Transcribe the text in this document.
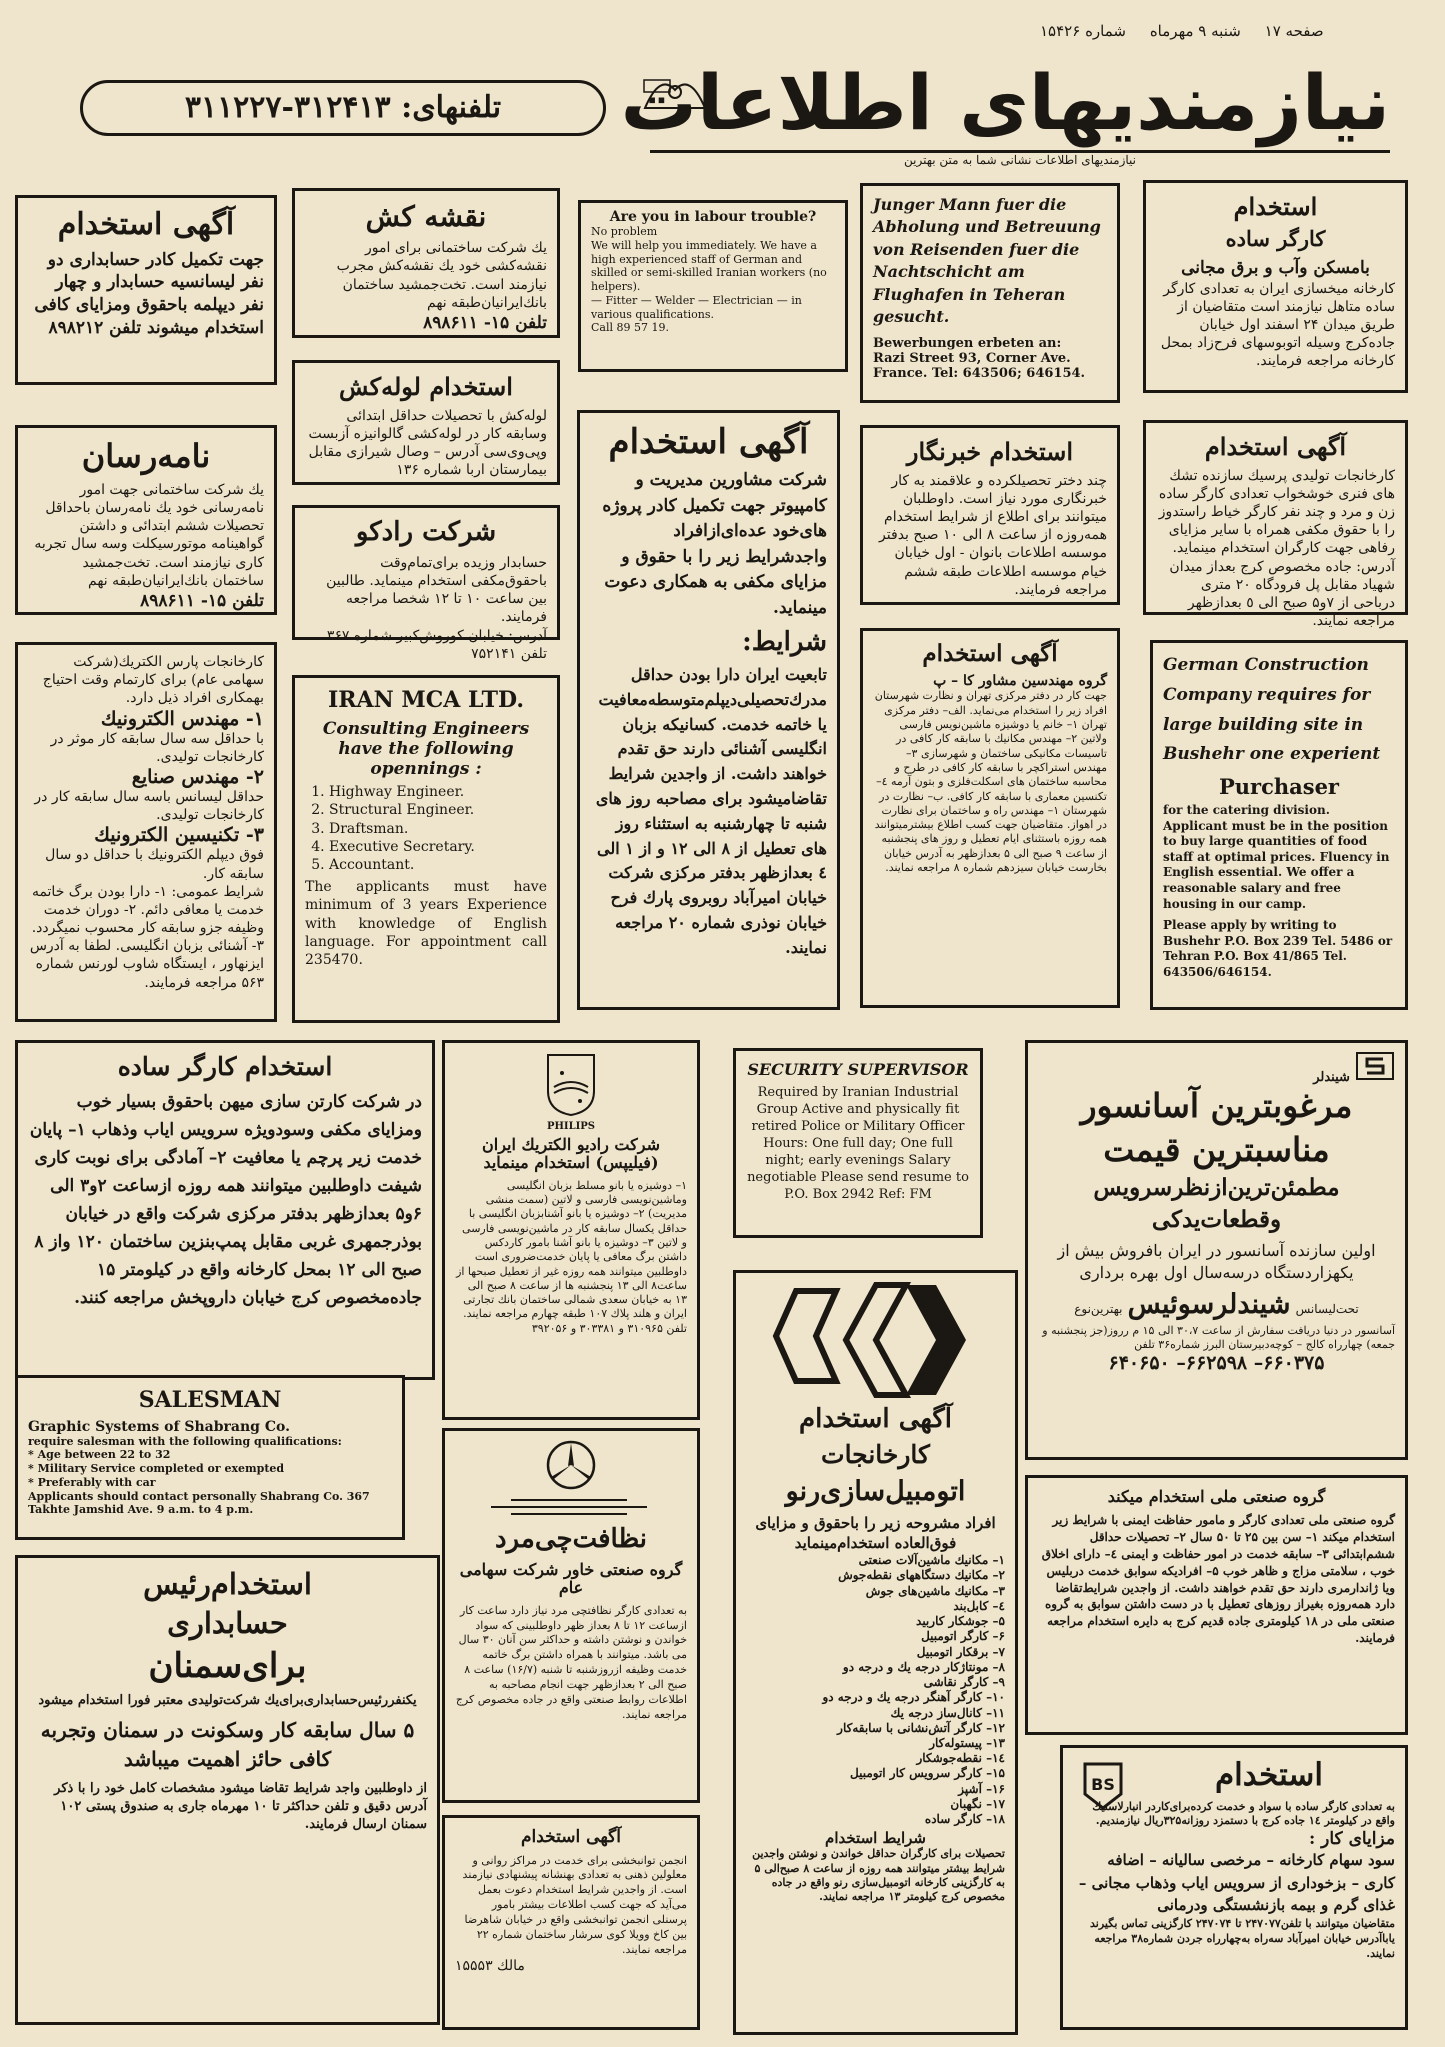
صفحه ۱۷     شنبه ۹ مهرماه     شماره ۱۵۴۲۶
نیازمندیهای اطلاعات
نیازمندیهای اطلاعات نشانی شما به متن بهترین
تلفنهای: ۳۱۲۴۱۳-۳۱۱۲۲۷
آگهی استخدام
جهت تکمیل کادر حسابداری دو نفر لیسانسیه حسابدار و چهار نفر دیپلمه باحقوق ومزایای کافی استخدام میشوند تلفن ۸۹۸۲۱۲
نقشه کش
یك شرکت ساختمانی برای امور نقشه‌کشی خود یك نقشه‌کش مجرب نیازمند است. تخت‌جمشید ساختمان بانك‌ایرانیان‌طبقه‌ نهم
تلفن ۱۵- ۸۹۸۶۱۱
Are you in labour trouble?
No problem
We will help you immediately. We have a high experienced staff of German and skilled or semi-skilled Iranian workers (no helpers).
— Fitter — Welder — Electrician — in various qualifications.
Call 89 57 19.
Junger Mann fuer die Abholung und Betreuung von Reisenden fuer die Nachtschicht am Flughafen in Teheran gesucht.
Bewerbungen erbeten an:
Razi Street 93, Corner Ave. France. Tel: 643506; 646154.
استخدام
کارگر ساده
بامسکن وآب و برق مجانی
کارخانه میخسازی ایران به تعدادی کارگر ساده متاهل نیازمند است متقاضیان از طریق میدان ۲۴ اسفند اول خیابان جاده‌کرج وسیله اتوبوسهای فرح‌زاد بمحل کارخانه مراجعه فرمایند.
استخدام لوله‌کش
لوله‌کش با تحصیلات حداقل ابتدائی وسابقه کار در لوله‌کشی گالوانیزه آزبست وپی‌وی‌سی آدرس – وصال شیرازی مقابل بیمارستان اربا شماره ۱۳۶
نامه‌رسان
یك شرکت ساختمانی جهت امور نامه‌رسانی خود یك نامه‌رسان باحداقل تحصیلات ششم ابتدائی و داشتن گواهینامه موتورسیکلت وسه سال تجربه کاری نیازمند است. تخت‌جمشید ساختمان بانك‌ایرانیان‌طبقه‌ نهم
تلفن ۱۵- ۸۹۸۶۱۱
شرکت رادکو
حسابدار وزیده برای‌تمام‌وقت باحقوق‌مکفی استخدام مینماید. طالبین بین ساعت ۱۰ تا ۱۲ شخصا مراجعه فرمایند.
آدرس: خیابان کوروش‌کبیر شماره ۳۶۷
تلفن ۷۵۲۱۴۱
آگهی استخدام
شرکت مشاورین مدیریت و کامپیوتر جهت تکمیل کادر پروژه های‌خود عده‌ای‌ازافراد واجدشرایط زیر را با حقوق و مزایای مکفی به همکاری دعوت مینماید.
شرایط:
تابعیت ایران دارا بودن حداقل مدرك‌تحصیلی‌دیپلم‌متوسطه‌معافیت یا خاتمه خدمت. کسانیکه بزبان انگلیسی آشنائی دارند حق تقدم خواهند داشت. از واجدین شرایط تقاضامیشود برای مصاحبه روز های شنبه تا چهارشنبه به استثناء روز های تعطیل از ۸ الی ۱۲ و از ۱ الی ٤ بعدازظهر بدفتر مرکزی شرکت خیابان امیرآباد روبروی پارك فرح خیابان نوذری شماره ۲۰ مراجعه نمایند.
استخدام خبرنگار
چند دختر تحصیلکرده و علاقمند به کار خبرنگاری مورد نیاز است. داوطلبان میتوانند برای اطلاع از شرایط استخدام همه‌روزه از ساعت ۸ الی ۱۰ صبح بدفتر موسسه اطلاعات بانوان - اول خیابان خیام موسسه اطلاعات طبقه ششم مراجعه فرمایند.
آگهی استخدام
کارخانجات تولیدی پرسیك سازنده تشك های فنری خوشخواب تعدادی کارگر ساده زن و مرد و چند نفر کارگر خیاط راستدوز را با حقوق مکفی همراه با سایر مزایای رفاهی جهت کارگران استخدام مینماید.
آدرس: جاده مخصوص کرج بعداز میدان شهیاد مقابل پل فرودگاه ۲۰ متری درباحی از ۷و۵ صبح الی ٥ بعدازظهر مراجعه نمایند.
کارخانجات پارس الکتریك(شرکت سهامی عام) برای کارتمام وقت احتیاج بهمکاری افراد ذیل دارد.
۱- مهندس الکترونیك
با حداقل سه سال سابقه کار موثر در کارخانجات تولیدی.
۲- مهندس صنایع
حداقل لیسانس باسه سال سابقه کار در کارخانجات تولیدی.
۳- تکنیسین الکترونیك
فوق دیپلم الکترونیك با حداقل دو سال سابقه کار.
شرایط عمومی: ۱- دارا بودن برگ خاتمه خدمت یا معافی دائم. ۲- دوران خدمت وظیفه جزو سابقه کار محسوب نمیگردد. ۳- آشنائی بزبان انگلیسی. لطفا به آدرس ایزنهاور ، ایستگاه شاوب لورنس شماره ۵۶۳ مراجعه فرمایند.
IRAN MCA LTD.
Consulting Engineers
have the following
opennings :
1. Highway Engineer.
2. Structural Engineer.
3. Draftsman.
4. Executive Secretary.
5. Accountant.
The applicants must have minimum of 3 years Experience with knowledge of English language. For appointment call 235470.
آگهی استخدام
گروه مهندسین مشاور کا – پ
جهت کار در دفتر مرکزی تهران و نظارت شهرستان افراد زیر را استخدام می‌نماید. الف– دفتر مرکزی تهران ۱– خانم یا دوشیزه ماشین‌نویس فارسی ولاتین ۲– مهندس مکانیك با سابقه کار کافی در تاسیسات مکانیکی ساختمان و شهرسازی ۳– مهندس استراکچر با سابقه کار کافی در طرح و محاسبه ساختمان های اسکلت‌فلزی و بتون آرمه ٤– تکنسین معماری با سابقه کار کافی. ب– نظارت در شهرستان ۱– مهندس راه و ساختمان برای نظارت در اهواز. متقاضیان جهت کسب اطلاع بیشترمیتوانند همه روزه باستثنای ایام تعطیل و روز های پنجشنبه از ساعت ۹ صبح الی ۵ بعدازظهر به آدرس خیابان بخارست خیابان سیزدهم شماره ۸ مراجعه نمایند.
German Construction Company requires for large building site in Bushehr one experient
Purchaser
for the catering division. Applicant must be in the position to buy large quantities of food staff at optimal prices. Fluency in English essential. We offer a reasonable salary and free housing in our camp.
Please apply by writing to Bushehr P.O. Box 239 Tel. 5486 or Tehran P.O. Box 41/865 Tel. 643506/646154.
استخدام کارگر ساده
در شرکت کارتن سازی میهن باحقوق بسیار خوب ومزایای مکفی وسودویژه سرویس ایاب وذهاب ۱– پایان خدمت زیر پرچم یا معافیت ۲– آمادگی برای نوبت کاری شیفت داوطلبین میتوانند همه روزه ازساعت ۲و۳ الی ۶و۵ بعدازظهر بدفتر مرکزی شرکت واقع در خیابان بوذرجمهری غربی مقابل پمپ‌بنزین ساختمان ۱۲۰ واز ۸ صبح الی ۱۲ بمحل کارخانه واقع در کیلومتر ۱۵ جاده‌مخصوص کرج خیابان داروپخش مراجعه کنند.
PHILIPS
شرکت رادیو الکتریك ایران (فیلیپس) استخدام مینماید
۱– دوشیزه یا بانو مسلط بزبان انگلیسی وماشین‌نویسی فارسی و لاتین (سمت منشی مدیریت) ۲– دوشیزه یا بانو آشنابزبان انگلیسی با حداقل یکسال سابقه کار در ماشین‌نویسی فارسی و لاتین ۳– دوشیزه یا بانو آشنا بامور کاردکس داشتن برگ معافی یا پایان خدمت‌ضروری است داوطلبین میتوانند همه روزه غیر از تعطیل صبحها از ساعت۸ الی ۱۳ پنجشنبه ها از ساعت ۸ صبح الی ۱۳ به خیابان سعدی شمالی ساختمان بانك تجارتی ایران و هلند پلاك ۱۰۷ طبقه چهارم مراجعه نمایند. تلفن ۳۱۰۹۶۵ و ۳۰۳۳۸۱ و ۳۹۲۰۵۶
SECURITY SUPERVISOR
Required by Iranian Industrial Group Active and physically fit retired Police or Military Officer Hours: One full day; One full night; early evenings Salary negotiable Please send resume to P.O. Box 2942 Ref: FM
شیندلر
مرغوبترین آسانسور
مناسبترین قیمت
مطمئن‌ترین‌ازنظر‌سرویس
وقطعات‌یدکی
اولین سازنده آسانسور در ایران بافروش بیش از یکهزاردستگاه درسه‌سال اول بهره برداری
تحت‌لیسانس شیندلرسوئیس بهترین‌نوع
آسانسور در دنیا دریافت سفارش از ساعت ۳۰،۷ الی ۱۵ م رروز(جز پنجشنبه‌ و جمعه) چهارراه کالج – کوچه‌دبیرستان البرز شماره‌۳۶ تلفن
۶۶۰۳۷۵– ۶۶۲۵۹۸– ۶۴۰۶۵۰
SALESMAN
Graphic Systems of Shabrang Co.
require salesman with the following qualifications:
* Age between 22 to 32
* Military Service completed or exempted
* Preferably with car
Applicants should contact personally Shabrang Co. 367 Takhte Jamshid Ave. 9 a.m. to 4 p.m.
آگهی استخدام
کارخانجات
اتومبیل‌سازی‌رنو
افراد مشروحه زیر را باحقوق و مزایای فوق‌العاده استخدام‌مینماید
۱– مکانیك ماشین‌آلات صنعتی
۲– مکانیك دستگاههای نقطه‌جوش
۳– مکانیك ماشین‌های جوش
٤– کابل‌بند
۵– جوشکار کاربید
۶– کارگر اتومبیل
۷– برقکار اتومبیل
۸– مونتاژکار درجه یك و درجه دو
۹– کارگر نقاشی
۱۰– کارگر آهنگر درجه یك و درجه دو
۱۱– کانال‌ساز درجه یك
۱۲– کارگر آتش‌نشانی با سابقه‌کار
۱۳– پیستوله‌کار
۱٤– نقطه‌جوشکار
۱۵– کارگر سرویس کار اتومبیل
۱۶– آشپز
۱۷– نگهبان
۱۸– کارگر ساده
شرایط استخدام
تحصیلات برای کارگران حداقل خواندن و نوشتن واجدین شرایط بیشتر میتوانند همه روزه از ساعت ۸ صبح‌الی ۵ به کارگزینی کارخانه اتومبیل‌سازی رنو واقع در جاده مخصوص کرج کیلومتر ۱۳ مراجعه نمایند.
نظافت‌چی‌مرد
گروه صنعتی خاور شرکت سهامی عام
به تعدادی کارگر نظافتچی مرد نیاز دارد ساعت کار ازساعت ۱۲ تا ۸ بعداز ظهر داوطلبینی که سواد خواندن و نوشتن داشته و حداکثر سن آنان ۳۰ سال می باشد. میتوانند با همراه داشتن برگ خاتمه خدمت وظیفه ازروزشنبه تا شنبه (۱۶/۷) ساعت ۸ صبح الی ۲ بعدازظهر جهت انجام مصاحبه به اطلاعات روابط صنعتی واقع در جاده مخصوص کرج مراجعه نمایند.
گروه صنعتی ملی استخدام میکند
گروه صنعتی ملی تعدادی کارگر و مامور حفاظت ایمنی با شرایط زیر استخدام میکند ۱– سن بین ۲۵ تا ۵۰ سال ۲– تحصیلات حداقل ششم‌ابتدائی ۳– سابقه خدمت در امور حفاظت و ایمنی ٤– دارای اخلاق خوب ، سلامتی مزاج و ظاهر خوب ۵– افرادیکه سوابق خدمت دربلیس ویا ژاندارمری دارند حق تقدم خواهند داشت. از واجدین شرایط‌تقاضا دارد همه‌روزه بغیراز روزهای تعطیل با در دست داشتن سوابق به گروه صنعتی ملی در ۱۸ کیلومتری جاده قدیم کرج به دایره استخدام مراجعه فرمایند.
استخدام‌رئیس
حسابداری
برای‌سمنان
یکنفرر‌ئیس‌حسابداری‌برای‌یك شرکت‌تولیدی معتبر فورا استخدام میشود
۵ سال سابقه کار وسکونت در سمنان وتجربه کافی حائز اهمیت میباشد
از داوطلبین واجد شرایط تقاضا میشود مشخصات کامل خود را با ذکر آدرس دقیق و تلفن حداکثر تا ۱۰ مهرماه جاری به صندوق پستی ۱۰۲ سمنان ارسال فرمایند.
آگهی استخدام
انجمن توانبخشی برای خدمت در مراکز روانی و معلولین ذهنی به تعدادی بهنشانه پیشنهادی نیازمند است. از واجدین شرایط استخدام دعوت بعمل می‌آید که جهت کسب اطلاعات بیشتر بامور پرسنلی انجمن توانبخشی واقع در خیابان شاهرضا بین کاخ وویلا کوی سرشار ساختمان شماره ۲۲ مراجعه نمایند.
مالك ۱۵۵۵۳
BS	استخدام
به تعدادی کارگر ساده با سواد و خدمت کرده‌برای‌کاردر انبارلاستیك واقع در کیلومتر ۱٤ جاده کرج با دستمزد روزانه‌۳۲۵‌ریال نیازمندیم.
مزایای کار :
سود سهام کارخانه – مرخصی سالیانه – اضافه کاری – بزخوداری از سرویس ایاب وذهاب مجانی – غذای گرم و بیمه بازنشستگی ودرمانی
متقاضیان میتوانند با تلفن۲۴۷۰۷۷ تا ۲۴۷۰۷۴ کارگزینی تماس بگیرند یاباآدرس خیابان امیرآباد سه‌راه به‌چهارراه‌ جردن شماره۳۸ مراجعه نمایند.
